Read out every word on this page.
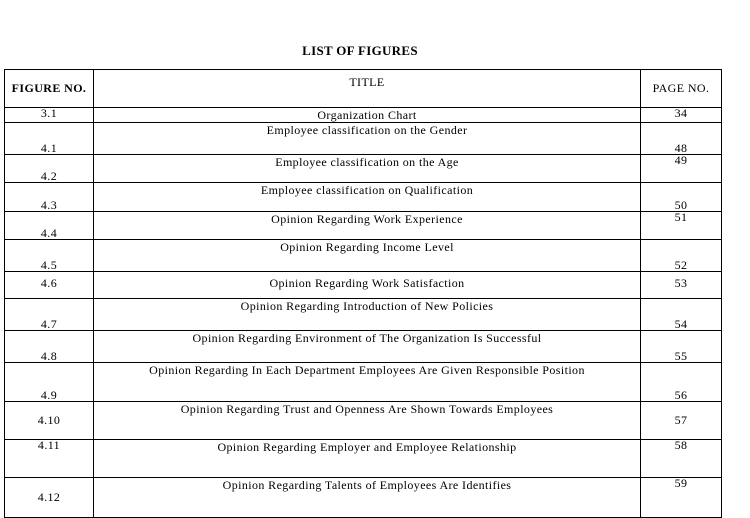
LIST OF FIGURES
FIGURE NO.	TITLE	PAGE NO.
3.1	Organization Chart	34
4.1	Employee classification on the Gender	48
4.2	Employee classification on the Age	49
4.3	Employee classification on Qualification	50
4.4	Opinion Regarding Work Experience	51
4.5	Opinion Regarding Income Level	52
4.6	Opinion Regarding Work Satisfaction	53
4.7	Opinion Regarding Introduction of New Policies	54
4.8	Opinion Regarding Environment of The Organization Is Successful	55
4.9	Opinion Regarding In Each Department Employees Are Given Responsible Position	56
4.10	Opinion Regarding Trust and Openness Are Shown Towards Employees	57
4.11	Opinion Regarding Employer and Employee Relationship	58
4.12	Opinion Regarding Talents of Employees Are Identifies	59
